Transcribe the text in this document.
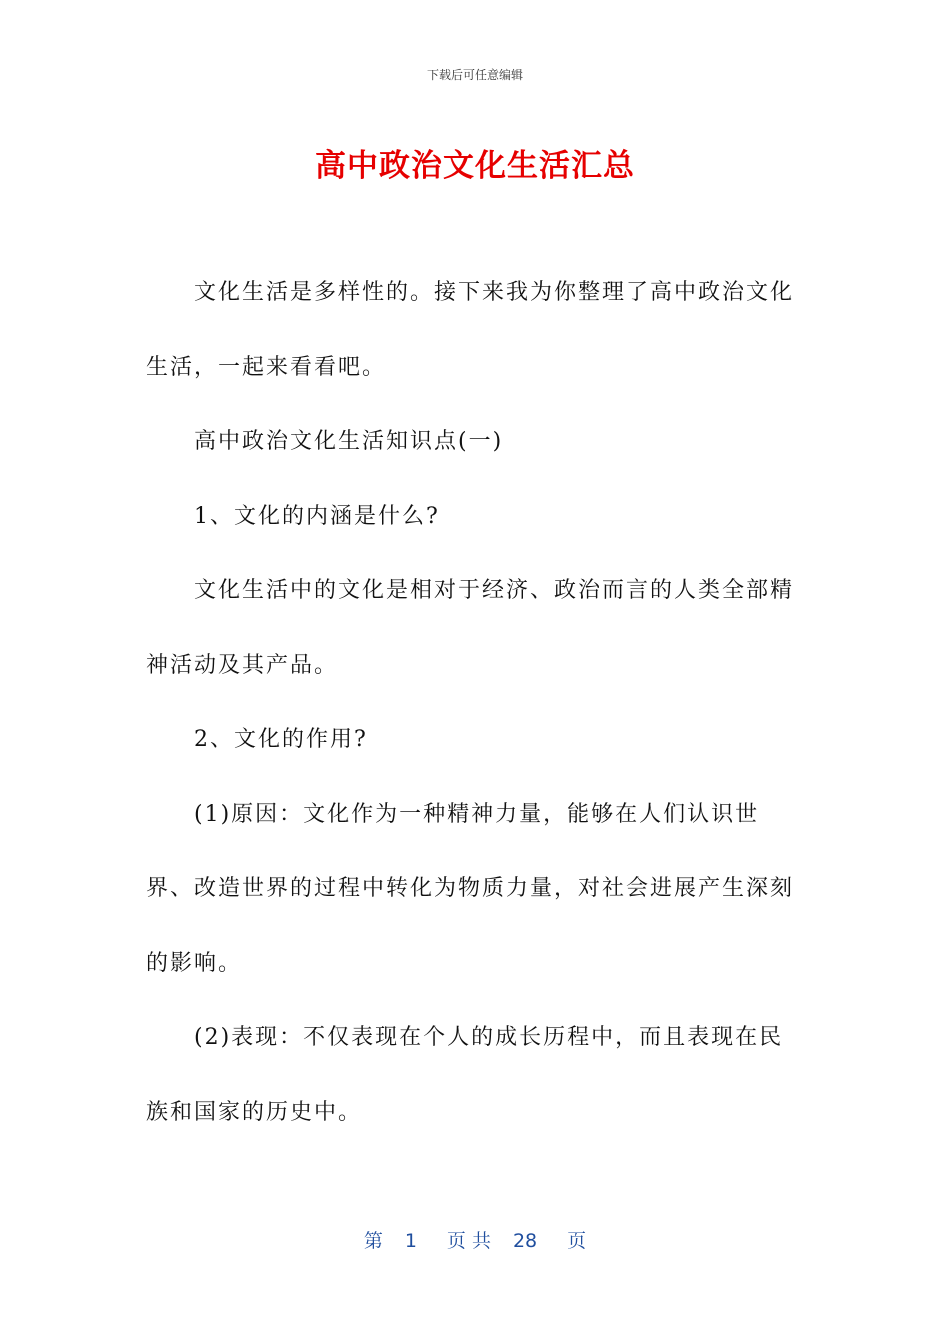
下载后可任意编辑
高中政治文化生活汇总

文化生活是多样性的。接下来我为你整理了高中政治文化生活，一起来看看吧。

高中政治文化生活知识点(一)

1、文化的内涵是什么?

文化生活中的文化是相对于经济、政治而言的人类全部精神活动及其产品。

2、文化的作用?

(1)原因：文化作为一种精神力量，能够在人们认识世界、改造世界的过程中转化为物质力量，对社会进展产生深刻的影响。

(2)表现：不仅表现在个人的成长历程中，而且表现在民族和国家的历史中。

第 1 页 共 28 页
